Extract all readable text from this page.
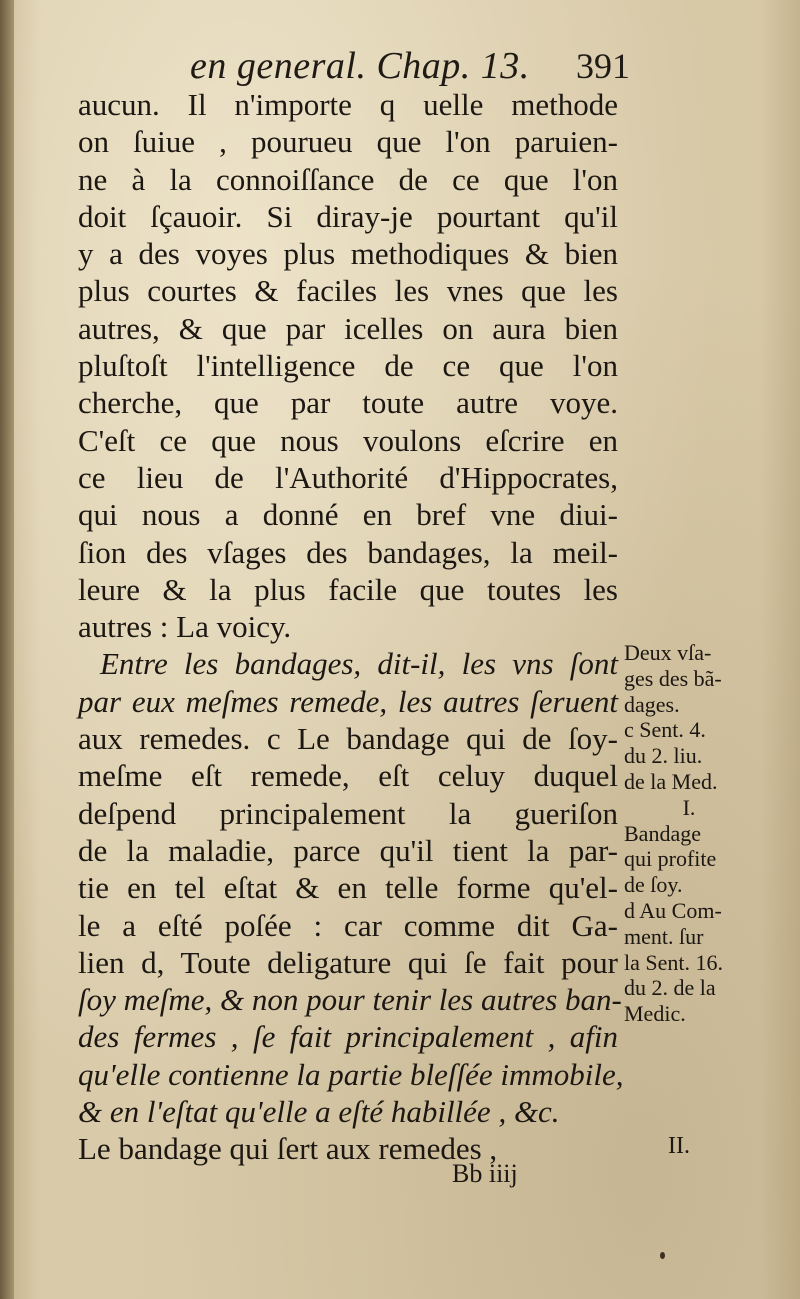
en general. Chap. 13. 391
aucun. Il n'importe q uelle methode
on ſuiue , pourueu que l'on paruien-
ne à la connoiſſance de ce que l'on
doit ſçauoir. Si diray-je pourtant qu'il
y a des voyes plus methodiques & bien
plus courtes & faciles les vnes que les
autres, & que par icelles on aura bien
pluſtoſt l'intelligence de ce que l'on
cherche, que par toute autre voye.
C'eſt ce que nous voulons eſcrire en
ce lieu de l'Authorité d'Hippocrates,
qui nous a donné en bref vne diui-
ſion des vſages des bandages, la meil-
leure & la plus facile que toutes les
autres : La voicy.
Entre les bandages, dit-il, les vns ſont
par eux meſmes remede, les autres ſeruent
aux remedes. c Le bandage qui de ſoy-
meſme eſt remede, eſt celuy duquel
deſpend principalement la gueriſon
de la maladie, parce qu'il tient la par-
tie en tel eſtat & en telle forme qu'el-
le a eſté poſée : car comme dit Ga-
lien d, Toute deligature qui ſe fait pour
ſoy meſme, & non pour tenir les autres ban-
des fermes , ſe fait principalement , afin
qu'elle contienne la partie bleſſée immobile,
& en l'eſtat qu'elle a eſté habillée , &c.
Le bandage qui ſert aux remedes ,
Deux vſa-
ges des bã-
dages.
c Sent. 4.
du 2. liu.
de la Med.
I.
Bandage
qui profite
de ſoy.
d Au Com-
ment. ſur
la Sent. 16.
du 2. de la
Medic.
II.
Bb iiij
